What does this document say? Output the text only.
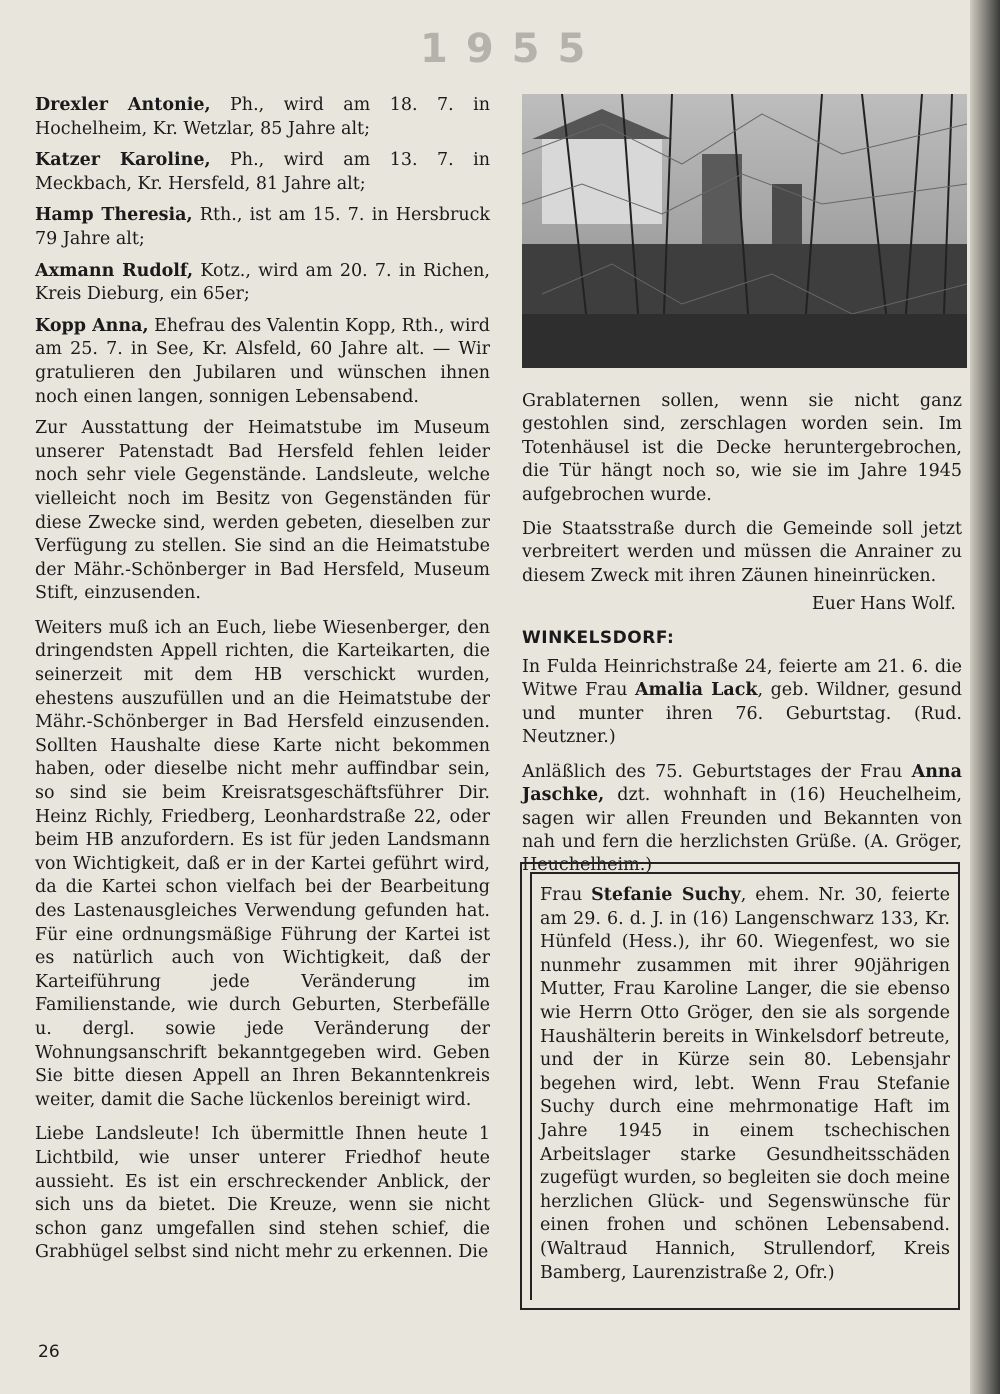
1955

Drexler Antonie, Ph., wird am 18. 7. in Hochelheim, Kr. Wetzlar, 85 Jahre alt;

Katzer Karoline, Ph., wird am 13. 7. in Meckbach, Kr. Hersfeld, 81 Jahre alt;

Hamp Theresia, Rth., ist am 15. 7. in Hersbruck 79 Jahre alt;

Axmann Rudolf, Kotz., wird am 20. 7. in Richen, Kreis Dieburg, ein 65er;

Kopp Anna, Ehefrau des Valentin Kopp, Rth., wird am 25. 7. in See, Kr. Alsfeld, 60 Jahre alt. — Wir gratulieren den Jubilaren und wünschen ihnen noch einen langen, sonnigen Lebensabend.

Zur Ausstattung der Heimatstube im Museum unserer Patenstadt Bad Hersfeld fehlen leider noch sehr viele Gegenstände. Landsleute, welche vielleicht noch im Besitz von Gegenständen für diese Zwecke sind, werden gebeten, dieselben zur Verfügung zu stellen. Sie sind an die Heimatstube der Mähr.-Schönberger in Bad Hersfeld, Museum Stift, einzusenden.

Weiters muß ich an Euch, liebe Wiesenberger, den dringendsten Appell richten, die Karteikarten, die seinerzeit mit dem HB verschickt wurden, ehestens auszufüllen und an die Heimatstube der Mähr.-Schönberger in Bad Hersfeld einzusenden. Sollten Haushalte diese Karte nicht bekommen haben, oder dieselbe nicht mehr auffindbar sein, so sind sie beim Kreisratsgeschäftsführer Dir. Heinz Richly, Friedberg, Leonhardstraße 22, oder beim HB anzufordern. Es ist für jeden Landsmann von Wichtigkeit, daß er in der Kartei geführt wird, da die Kartei schon vielfach bei der Bearbeitung des Lastenausgleiches Verwendung gefunden hat. Für eine ordnungsmäßige Führung der Kartei ist es natürlich auch von Wichtigkeit, daß der Karteiführung jede Veränderung im Familienstande, wie durch Geburten, Sterbefälle u. dergl. sowie jede Veränderung der Wohnungsanschrift bekanntgegeben wird. Geben Sie bitte diesen Appell an Ihren Bekanntenkreis weiter, damit die Sache lückenlos bereinigt wird.

Liebe Landsleute! Ich übermittle Ihnen heute 1 Lichtbild, wie unser unterer Friedhof heute aussieht. Es ist ein erschreckender Anblick, der sich uns da bietet. Die Kreuze, wenn sie nicht schon ganz umgefallen sind stehen schief, die Grabhügel selbst sind nicht mehr zu erkennen. Die

Grablaternen sollen, wenn sie nicht ganz gestohlen sind, zerschlagen worden sein. Im Totenhäusel ist die Decke heruntergebrochen, die Tür hängt noch so, wie sie im Jahre 1945 aufgebrochen wurde.

Die Staatsstraße durch die Gemeinde soll jetzt verbreitert werden und müssen die Anrainer zu diesem Zweck mit ihren Zäunen hineinrücken.

Euer Hans Wolf.

WINKELSDORF:

In Fulda Heinrichstraße 24, feierte am 21. 6. die Witwe Frau Amalia Lack, geb. Wildner, gesund und munter ihren 76. Geburtstag. (Rud. Neutzner.)

Anläßlich des 75. Geburtstages der Frau Anna Jaschke, dzt. wohnhaft in (16) Heuchelheim, sagen wir allen Freunden und Bekannten von nah und fern die herzlichsten Grüße. (A. Gröger, Heuchelheim.)

Frau Stefanie Suchy, ehem. Nr. 30, feierte am 29. 6. d. J. in (16) Langenschwarz 133, Kr. Hünfeld (Hess.), ihr 60. Wiegenfest, wo sie nunmehr zusammen mit ihrer 90jährigen Mutter, Frau Karoline Langer, die sie ebenso wie Herrn Otto Gröger, den sie als sorgende Haushälterin bereits in Winkelsdorf betreute, und der in Kürze sein 80. Lebensjahr begehen wird, lebt. Wenn Frau Stefanie Suchy durch eine mehrmonatige Haft im Jahre 1945 in einem tschechischen Arbeitslager starke Gesundheitsschäden zugefügt wurden, so begleiten sie doch meine herzlichen Glück- und Segenswünsche für einen frohen und schönen Lebensabend. (Waltraud Hannich, Strullendorf, Kreis Bamberg, Laurenzistraße 2, Ofr.)
26
